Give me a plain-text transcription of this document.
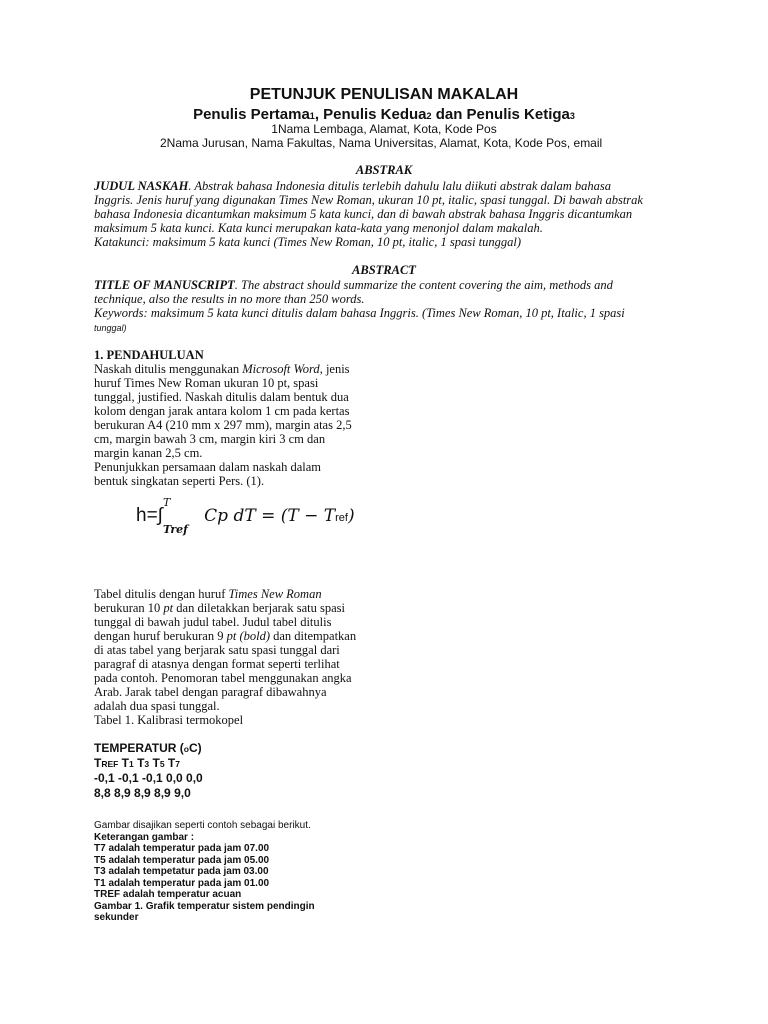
PETUNJUK PENULISAN MAKALAH
Penulis Pertama1, Penulis Kedua2 dan Penulis Ketiga3
1Nama Lembaga, Alamat, Kota, Kode Pos
2Nama Jurusan, Nama Fakultas, Nama Universitas, Alamat, Kota, Kode Pos, email
ABSTRAK
JUDUL NASKAH. Abstrak bahasa Indonesia ditulis terlebih dahulu lalu diikuti abstrak dalam bahasa
Inggris. Jenis huruf yang digunakan Times New Roman, ukuran 10 pt, italic, spasi tunggal. Di bawah abstrak
bahasa Indonesia dicantumkan maksimum 5 kata kunci, dan di bawah abstrak bahasa Inggris dicantumkan
maksimum 5 kata kunci. Kata kunci merupakan kata-kata yang menonjol dalam makalah.
Katakunci: maksimum 5 kata kunci (Times New Roman, 10 pt, italic, 1 spasi tunggal)
ABSTRACT
TITLE OF MANUSCRIPT. The abstract should summarize the content covering the aim, methods and
technique, also the results in no more than 250 words.
Keywords: maksimum 5 kata kunci ditulis dalam bahasa Inggris. (Times New Roman, 10 pt, Italic, 1 spasi
tunggal)
1. PENDAHULUAN
Naskah ditulis menggunakan Microsoft Word, jenis
huruf Times New Roman ukuran 10 pt, spasi
tunggal, justified. Naskah ditulis dalam bentuk dua
kolom dengan jarak antara kolom 1 cm pada kertas
berukuran A4 (210 mm x 297 mm), margin atas 2,5
cm, margin bawah 3 cm, margin kiri 3 cm dan
margin kanan 2,5 cm.
Penunjukkan persamaan dalam naskah dalam
bentuk singkatan seperti Pers. (1).
h=∫
T
Tref
Cp dT = (T − Tref)
Tabel ditulis dengan huruf Times New Roman
berukuran 10 pt dan diletakkan berjarak satu spasi
tunggal di bawah judul tabel. Judul tabel ditulis
dengan huruf berukuran 9 pt (bold) dan ditempatkan
di atas tabel yang berjarak satu spasi tunggal dari
paragraf di atasnya dengan format seperti terlihat
pada contoh. Penomoran tabel menggunakan angka
Arab. Jarak tabel dengan paragraf dibawahnya
adalah dua spasi tunggal.
Tabel 1. Kalibrasi termokopel
TEMPERATUR (oC)
TREF T1 T3 T5 T7
-0,1 -0,1 -0,1 0,0 0,0
8,8 8,9 8,9 8,9 9,0
Gambar disajikan seperti contoh sebagai berikut.
Keterangan gambar :
T7 adalah temperatur pada jam 07.00
T5 adalah temperatur pada jam 05.00
T3 adalah tempetatur pada jam 03.00
T1 adalah temperatur pada jam 01.00
TREF adalah temperatur acuan
Gambar 1. Grafik temperatur sistem pendingin
sekunder
